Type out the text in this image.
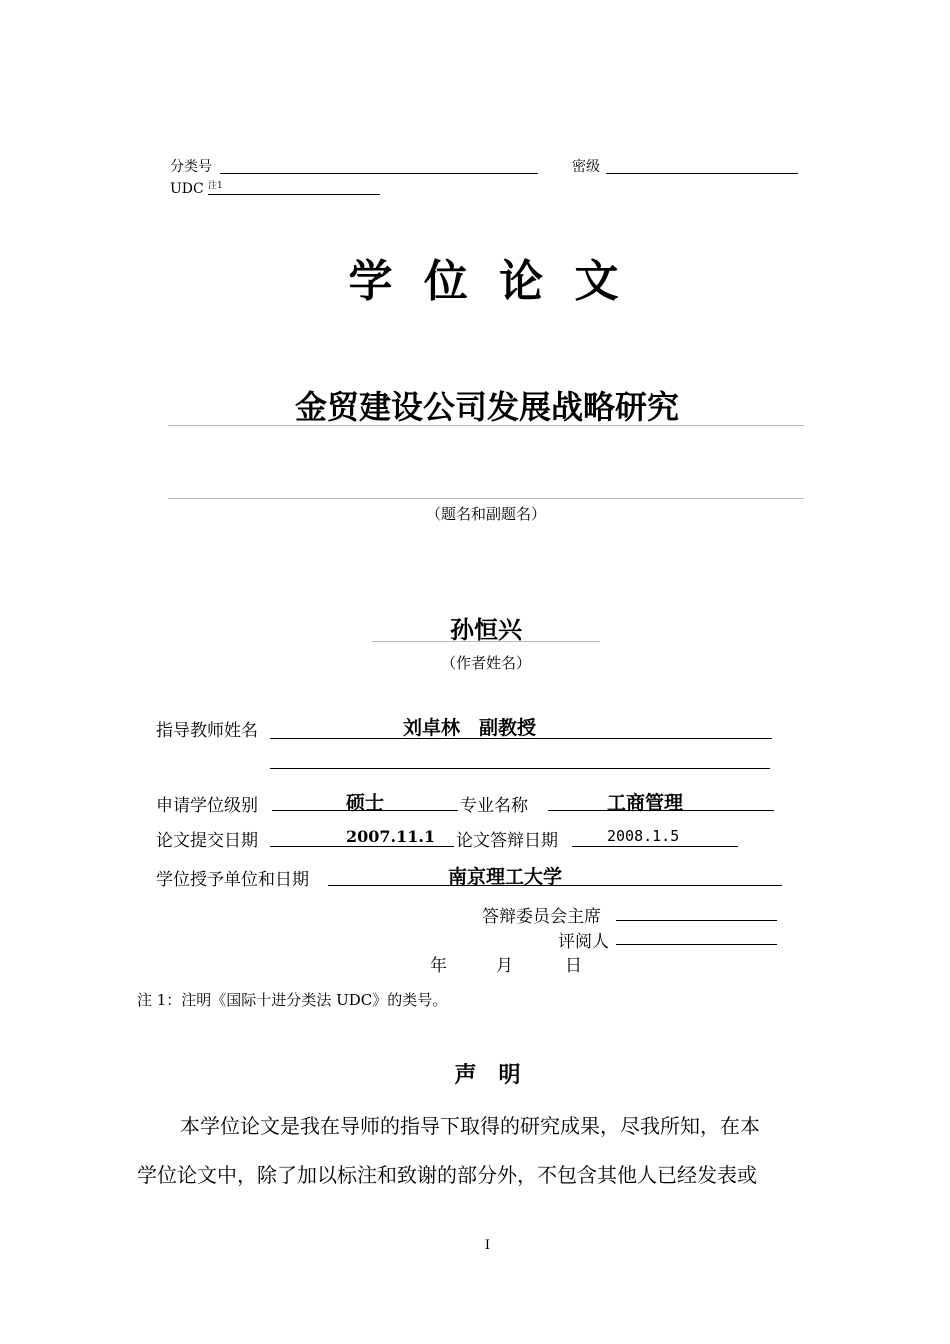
分类号	密级
UDC 注1
学 位 论 文
金贸建设公司发展战略研究
（题名和副题名）
孙恒兴
（作者姓名）
指导教师姓名	刘卓林　副教授
申请学位级别	硕士	专业名称	工商管理
论文提交日期	2007.11.1 论文答辩日期	2008.1.5
学位授予单位和日期	南京理工大学
答辩委员会主席
评阅人
年	月	日
注 1：注明《国际十进分类法 UDC》的类号。
声　明
本学位论文是我在导师的指导下取得的研究成果，尽我所知，在本
学位论文中，除了加以标注和致谢的部分外，不包含其他人已经发表或
I
